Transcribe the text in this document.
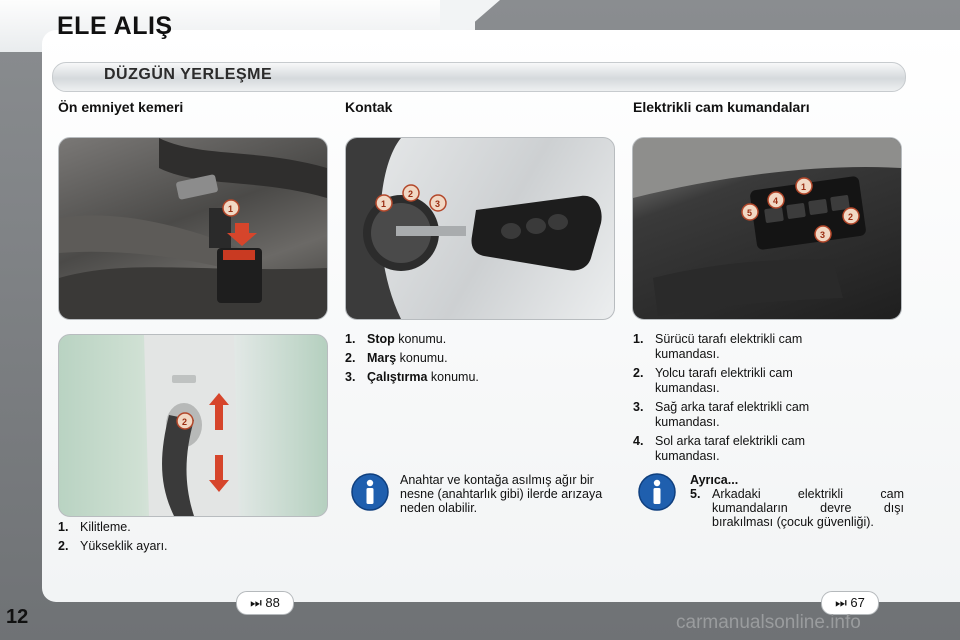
ELE ALIŞ
DÜZGÜN YERLEŞME
Ön emniyet kemeri	Kontak	Elektrikli cam kumandaları
1
2
1
2
3
1
2
3
4
5
1. Kilitleme.
2. Yükseklik ayarı.
1. Stop konumu.
2. Marş konumu.
3. Çalıştırma konumu.
1. Sürücü tarafı elektrikli cam kumandası.
2. Yolcu tarafı elektrikli cam kumandası.
3. Sağ arka taraf elektrikli cam kumandası.
4. Sol arka taraf elektrikli cam kumandası.
Anahtar ve kontağa asılmış ağır bir nesne (anahtarlık gibi) ilerde arızaya neden olabilir.
Ayrıca...
5. Arkadaki elektrikli cam kumandaların devre dışı bırakılması (çocuk güvenliği).
⏭ 88	⏭ 67
12	carmanualsonline.info
